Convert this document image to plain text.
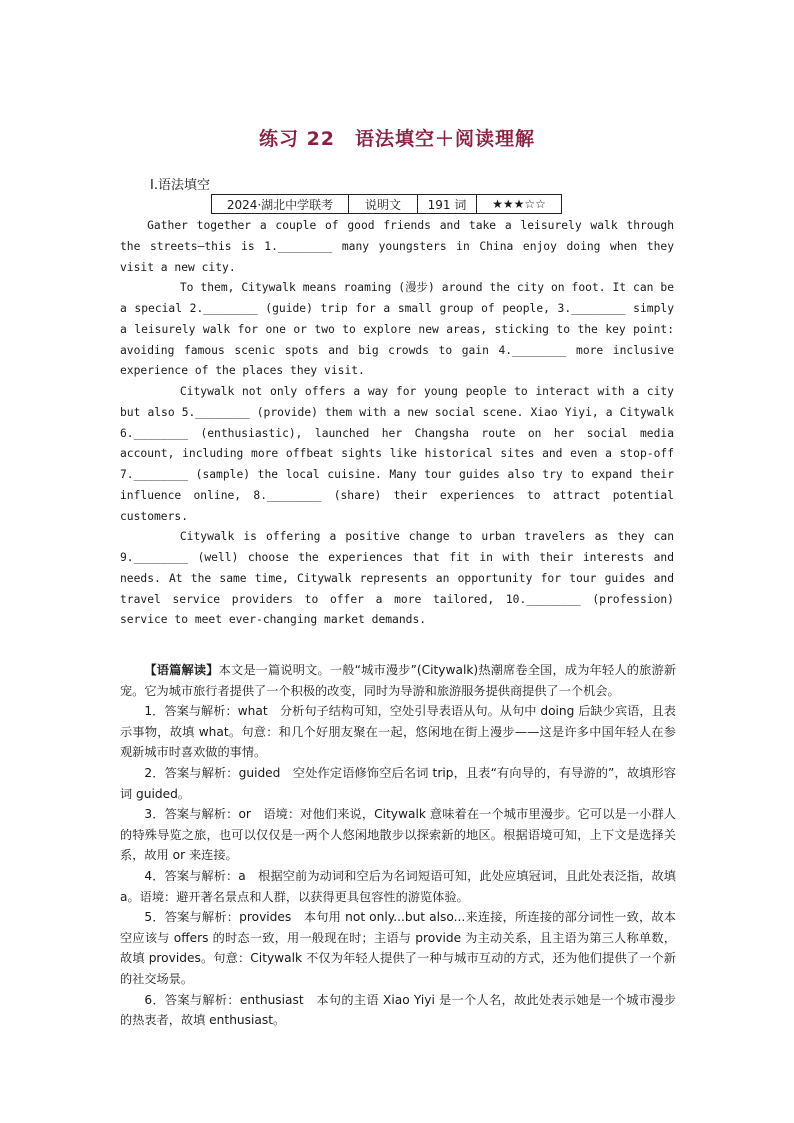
练习 22　语法填空＋阅读理解
Ⅰ.语法填空
2024·湖北中学联考	说明文	191 词	★★★☆☆

Gather together a couple of good friends and take a leisurely walk through the streets—this is 1.________ many youngsters in China enjoy doing when they visit a new city.

To them, Citywalk means roaming (漫步) around the city on foot. It can be a special 2.________ (guide) trip for a small group of people, 3.________ simply a leisurely walk for one or two to explore new areas, sticking to the key point: avoiding famous scenic spots and big crowds to gain 4.________ more inclusive experience of the places they visit.

Citywalk not only offers a way for young people to interact with a city but also 5.________ (provide) them with a new social scene. Xiao Yiyi, a Citywalk 6.________ (enthusiastic), launched her Changsha route on her social media account, including more offbeat sights like historical sites and even a stop-off 7.________ (sample) the local cuisine. Many tour guides also try to expand their influence online, 8.________ (share) their experiences to attract potential customers.

Citywalk is offering a positive change to urban travelers as they can 9.________ (well) choose the experiences that fit in with their interests and needs. At the same time, Citywalk represents an opportunity for tour guides and travel service providers to offer a more tailored, 10.________ (profession) service to meet ever-changing market demands.

【语篇解读】本文是一篇说明文。一般“城市漫步”(Citywalk)热潮席卷全国，成为年轻人的旅游新宠。它为城市旅行者提供了一个积极的改变，同时为导游和旅游服务提供商提供了一个机会。

1．答案与解析：what　分析句子结构可知，空处引导表语从句。从句中 doing 后缺少宾语，且表示事物，故填 what。句意：和几个好朋友聚在一起，悠闲地在街上漫步——这是许多中国年轻人在参观新城市时喜欢做的事情。

2．答案与解析：guided　空处作定语修饰空后名词 trip，且表“有向导的，有导游的”，故填形容词 guided。

3．答案与解析：or　语境：对他们来说，Citywalk 意味着在一个城市里漫步。它可以是一小群人的特殊导览之旅，也可以仅仅是一两个人悠闲地散步以探索新的地区。根据语境可知，上下文是选择关系，故用 or 来连接。

4．答案与解析：a　根据空前为动词和空后为名词短语可知，此处应填冠词，且此处表泛指，故填 a。语境：避开著名景点和人群，以获得更具包容性的游览体验。

5．答案与解析：provides　本句用 not only...but also...来连接，所连接的部分词性一致，故本空应该与 offers 的时态一致，用一般现在时；主语与 provide 为主动关系，且主语为第三人称单数，故填 provides。句意：Citywalk 不仅为年轻人提供了一种与城市互动的方式，还为他们提供了一个新的社交场景。

6．答案与解析：enthusiast　本句的主语 Xiao Yiyi 是一个人名，故此处表示她是一个城市漫步的热衷者，故填 enthusiast。
